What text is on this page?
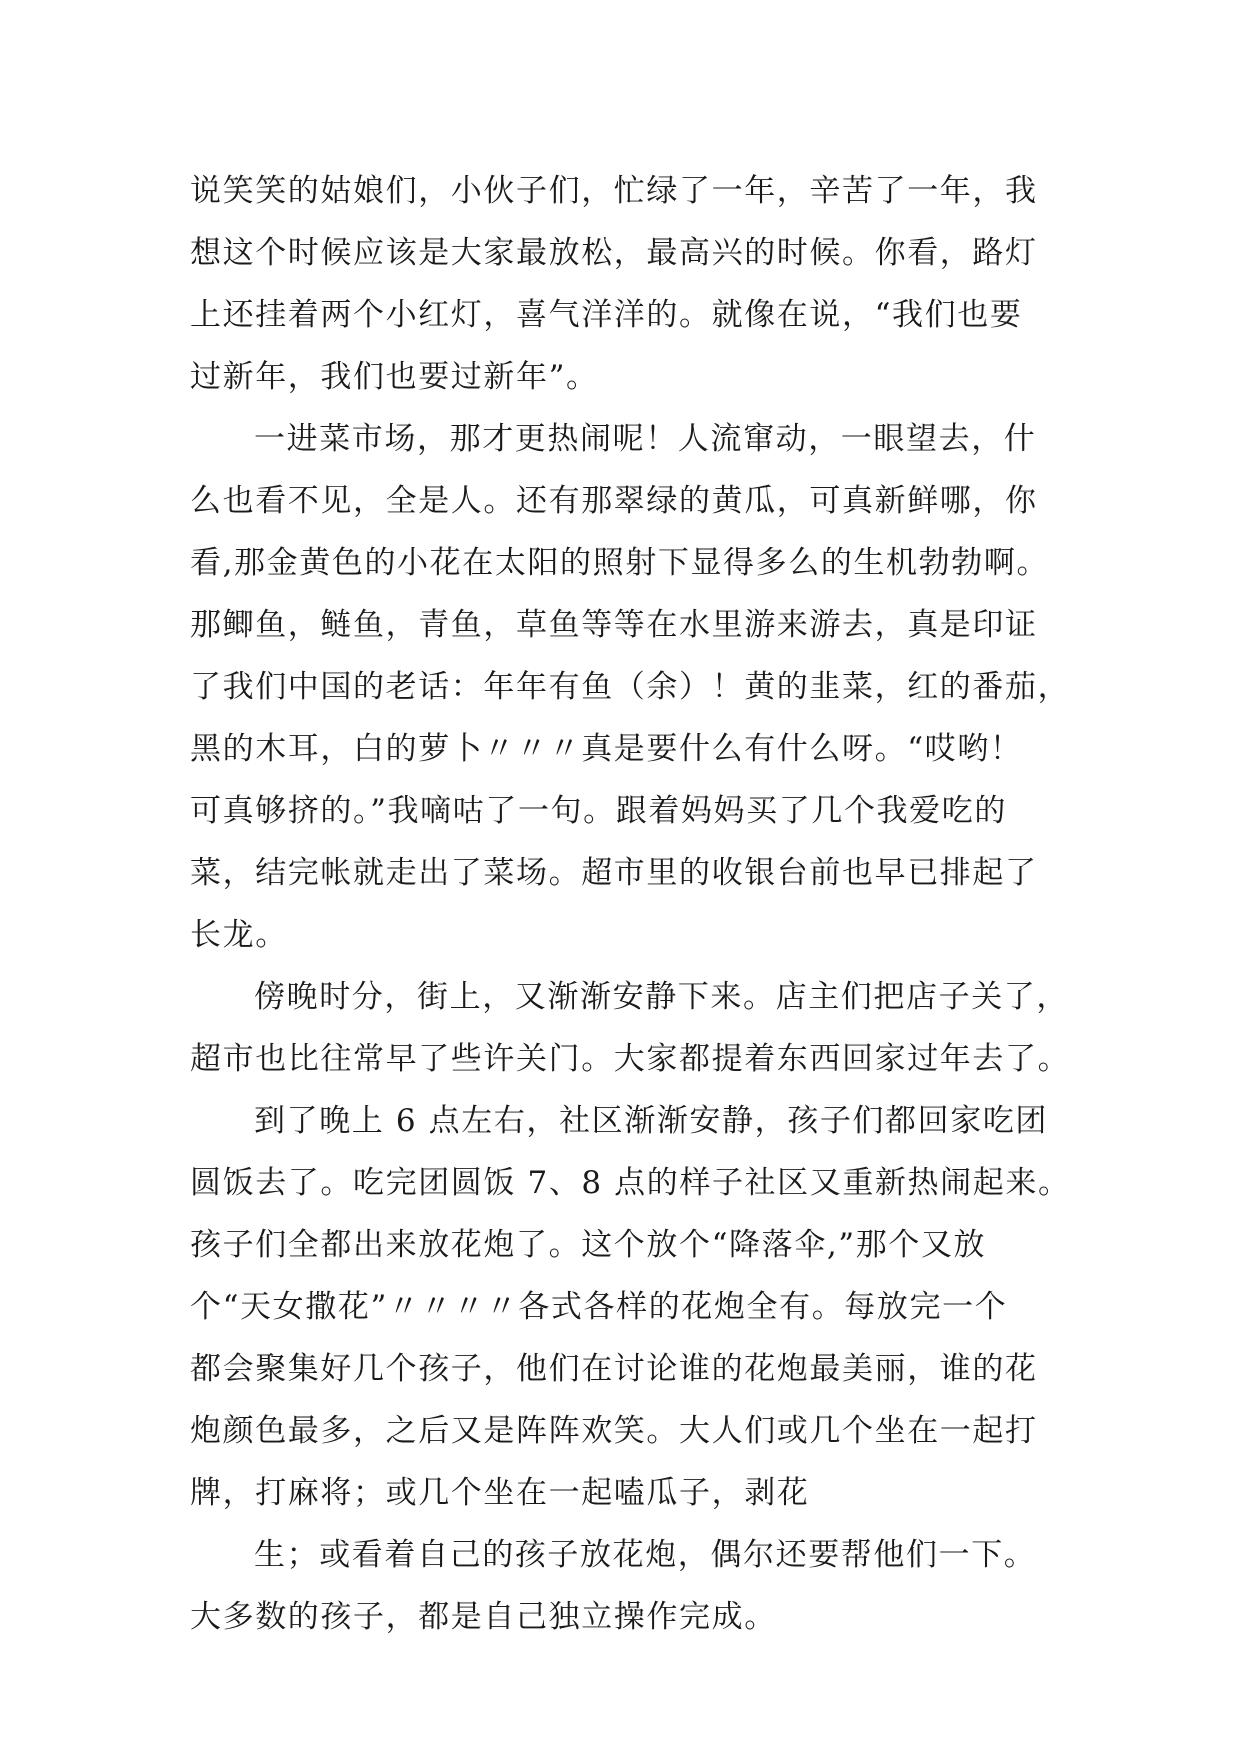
说笑笑的姑娘们，小伙子们，忙绿了一年，辛苦了一年，我
想这个时候应该是大家最放松，最高兴的时候。你看，路灯
上还挂着两个小红灯，喜气洋洋的。就像在说，“我们也要
过新年，我们也要过新年”。
一进菜市场，那才更热闹呢！人流窜动，一眼望去，什
么也看不见，全是人。还有那翠绿的黄瓜，可真新鲜哪，你
看,那金黄色的小花在太阳的照射下显得多么的生机勃勃啊。
那鲫鱼，鲢鱼，青鱼，草鱼等等在水里游来游去，真是印证
了我们中国的老话：年年有鱼（余）！黄的韭菜，红的番茄，
黑的木耳，白的萝卜〃〃〃真是要什么有什么呀。“哎哟！
可真够挤的。”我嘀咕了一句。跟着妈妈买了几个我爱吃的
菜，结完帐就走出了菜场。超市里的收银台前也早已排起了
长龙。
傍晚时分，街上，又渐渐安静下来。店主们把店子关了，
超市也比往常早了些许关门。大家都提着东西回家过年去了。
到了晚上 6 点左右，社区渐渐安静，孩子们都回家吃团
圆饭去了。吃完团圆饭 7、8 点的样子社区又重新热闹起来。
孩子们全都出来放花炮了。这个放个“降落伞,”那个又放
个“天女撒花”〃〃〃〃各式各样的花炮全有。每放完一个
都会聚集好几个孩子，他们在讨论谁的花炮最美丽，谁的花
炮颜色最多，之后又是阵阵欢笑。大人们或几个坐在一起打
牌，打麻将；或几个坐在一起嗑瓜子，剥花
生；或看着自己的孩子放花炮，偶尔还要帮他们一下。
大多数的孩子，都是自己独立操作完成。
